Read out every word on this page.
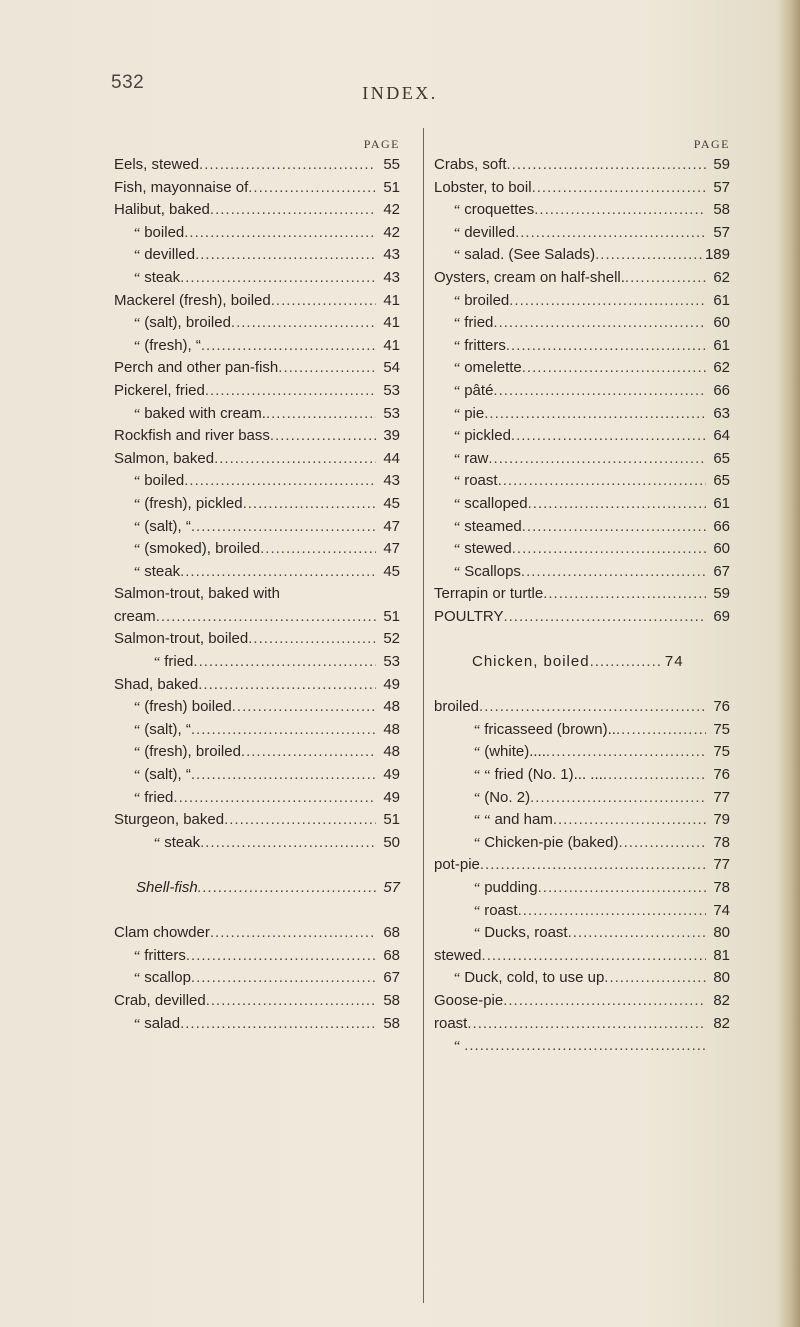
532	INDEX.
PAGE
Eels, stewed .....	55
Fish, mayonnaise of .....	51
Halibut, baked .....	42
“ boiled .....	42
“ devilled .....	43
“ steak .....	43
Mackerel (fresh), boiled .....	41
“ (salt), broiled .....	41
“ (fresh), “ .....	41
Perch and other pan-fish .....	54
Pickerel, fried .....	53
“ baked with cream. .....	53
Rockfish and river bass .....	39
Salmon, baked .....	44
“ boiled .....	43
“ (fresh), pickled .....	45
“ (salt), “ .....	47
“ (smoked), broiled .....	47
“ steak .....	45
Salmon-trout, baked with
cream .....	51
Salmon-trout, boiled .....	52
“ fried .....	53
Shad, baked .....	49
“ (fresh) boiled .....	48
“ (salt), “ .....	48
“ (fresh), broiled .....	48
“ (salt), “ .....	49
“ fried .....	49
Sturgeon, baked .....	51
“ steak .....	50
Shell-fish .....	57
Clam chowder .....	68
“ fritters .....	68
“ scallop .....	67
Crab, devilled .....	58
“ salad .....	58
PAGE
Crabs, soft .....	59
Lobster, to boil .....	57
“ croquettes .....	58
“ devilled .....	57
“ salad. (See Salads) .....	189
Oysters, cream on half-shell. .....	62
“ broiled .....	61
“ fried .....	60
“ fritters .....	61
“ omelette .....	62
“ pâté .....	66
“ pie .....	63
“ pickled .....	64
“ raw .....	65
“ roast .....	65
“ scalloped .....	61
“ steamed .....	66
“ stewed .....	60
“ Scallops .....	67
Terrapin or turtle .....	59
POULTRY .....	69
Chicken, boiled .....	74
broiled .....	76
“ fricasseed (brown).. .....	75
“ (white).... .....	75
“ “ fried (No. 1)... ... .....	76
“ (No. 2) .....	77
“ “ and ham .....	79
“ Chicken-pie (baked) .....	78
pot-pie .....	77
“ pudding .....	78
“ roast .....	74
“ Ducks, roast .....	80
stewed .....	81
“ Duck, cold, to use up .....	80
Goose-pie .....	82
roast .....	82
“
.....
